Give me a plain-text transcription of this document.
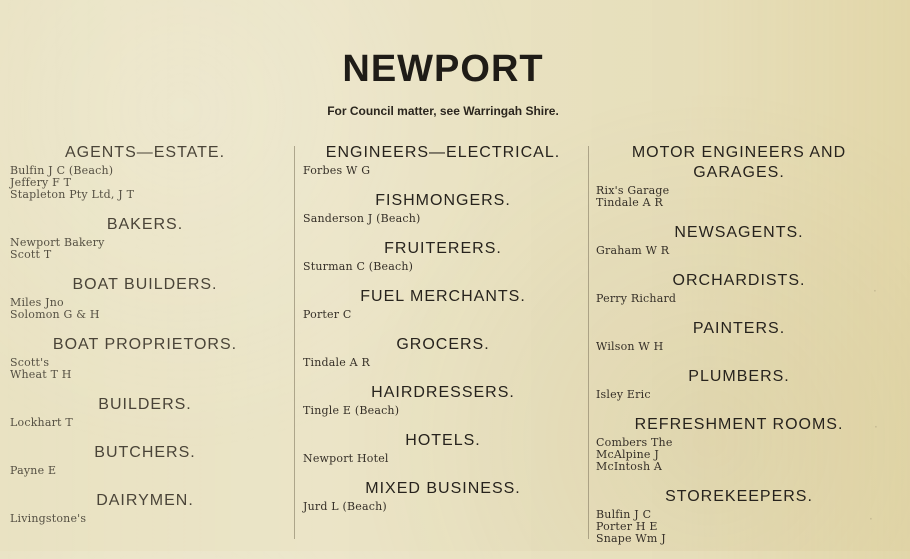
NEWPORT
For Council matter, see Warringah Shire.
AGENTS—ESTATE.
Bulfin J C (Beach)
Jeffery F T
Stapleton Pty Ltd, J T
BAKERS.
Newport Bakery
Scott T
BOAT BUILDERS.
Miles Jno
Solomon G & H
BOAT PROPRIETORS.
Scott's
Wheat T H
BUILDERS.
Lockhart T
BUTCHERS.
Payne E
DAIRYMEN.
Livingstone's
ENGINEERS—ELECTRICAL.
Forbes W G
FISHMONGERS.
Sanderson J (Beach)
FRUITERERS.
Sturman C (Beach)
FUEL MERCHANTS.
Porter C
GROCERS.
Tindale A R
HAIRDRESSERS.
Tingle E (Beach)
HOTELS.
Newport Hotel
MIXED BUSINESS.
Jurd L (Beach)
MOTOR ENGINEERS AND GARAGES.
Rix's Garage
Tindale A R
NEWSAGENTS.
Graham W R
ORCHARDISTS.
Perry Richard
PAINTERS.
Wilson W H
PLUMBERS.
Isley Eric
REFRESHMENT ROOMS.
Combers The
McAlpine J
McIntosh A
STOREKEEPERS.
Bulfin J C
Porter H E
Snape Wm J
·
·
·
